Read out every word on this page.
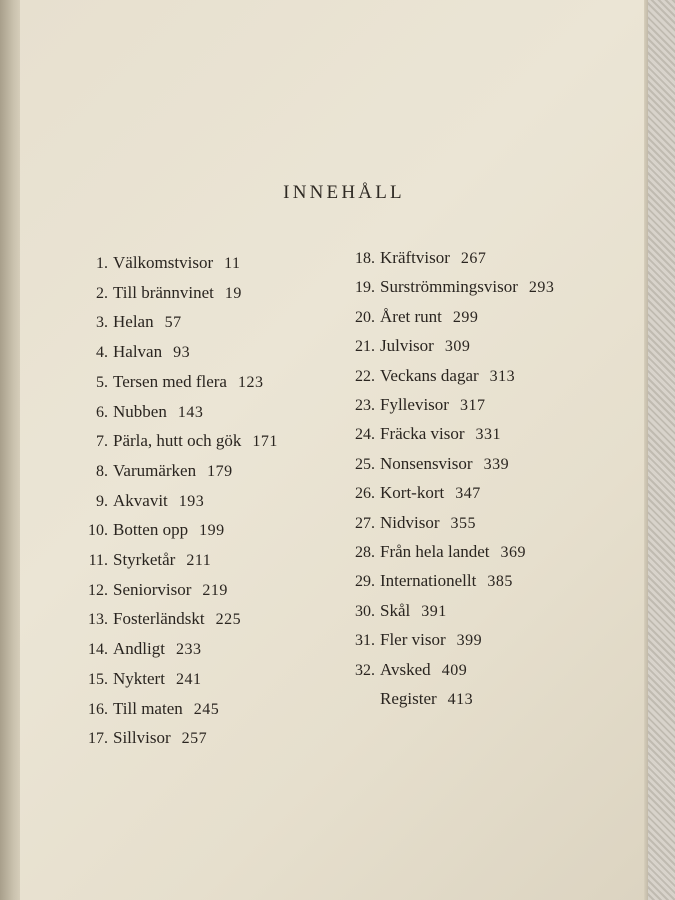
INNEHÅLL
1. Välkomstvisor 11
2. Till brännvinet 19
3. Helan 57
4. Halvan 93
5. Tersen med flera 123
6. Nubben 143
7. Pärla, hutt och gök 171
8. Varumärken 179
9. Akvavit 193
10. Botten opp 199
11. Styrketår 211
12. Seniorvisor 219
13. Fosterländskt 225
14. Andligt 233
15. Nyktert 241
16. Till maten 245
17. Sillvisor 257
18. Kräftvisor 267
19. Surströmmingsvisor 293
20. Året runt 299
21. Julvisor 309
22. Veckans dagar 313
23. Fyllevisor 317
24. Fräcka visor 331
25. Nonsensvisor 339
26. Kort-kort 347
27. Nidvisor 355
28. Från hela landet 369
29. Internationellt 385
30. Skål 391
31. Fler visor 399
32. Avsked 409
Register 413
